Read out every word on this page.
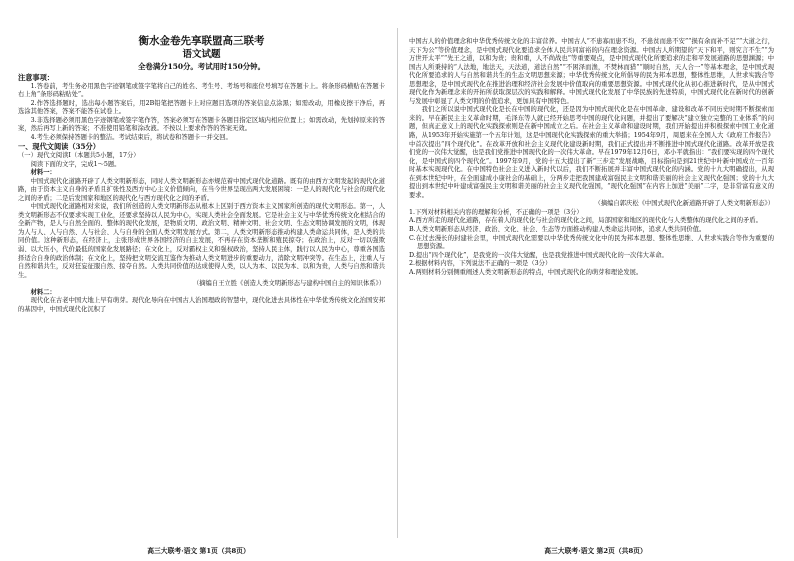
衡水金卷先享联盟高三联考

语文试题

全卷满分150分。考试用时150分钟。

注意事项：

1.答卷前，考生务必用黑色字迹钢笔或签字笔将自己的姓名、考生号、考场号和座位号填写在答题卡上。将条形码横贴在答题卡右上角“条形码粘贴处”。

2.作答选择题时，选出每小题答案后，用2B铅笔把答题卡上对应题目选项的答案信息点涂黑；如需改动，用橡皮擦干净后，再选涂其他答案，答案不能答在试卷上。

3.非选择题必须用黑色字迹钢笔或签字笔作答，答案必须写在答题卡各题目指定区域内相应位置上；如需改动，先划掉原来的答案，然后再写上新的答案；不准使用铅笔和涂改液。不按以上要求作答的答案无效。

4.考生必须保持答题卡的整洁。考试结束后，将试卷和答题卡一并交回。

一、现代文阅读（35分）

（一）现代文阅读Ⅰ（本题共5小题，17分）

阅读下面的文字，完成1～5题。

材料一：

中国式现代化道路开辟了人类文明新形态，同时人类文明新形态亦规范着中国式现代化道路。既有的由西方文明发起的现代化道路，由于资本主义自身的矛盾且扩张性及西方中心主义价值倾向，在当今世界呈现出两大发展困境：一是人的现代化与社会的现代化之间的矛盾；二是后发国家和地区的现代化与西方现代化之间的矛盾。

中国式现代化道路相对来说，我们所创造的人类文明新形态从根本上区别于西方资本主义国家所创造的现代文明形态。第一，人类文明新形态不仅要求实现工业化，还要求坚持以人民为中心，实现人类社会全面发展。它是社会主义与中华优秀传统文化相结合的全新产物，是人与自然全面的、整体的现代化发展，是物质文明、政治文明、精神文明、社会文明、生态文明协调发展的文明，体现为人与人、人与自然、人与社会、人与自身的全面人类文明发展方式。第二，人类文明新形态推动构建人类命运共同体，是人类的共同价值。这种新形态，在经济上，主张形成世界各国经济的自主发展，不再存在资本垄断和殖民掠夺；在政治上，反对一切以强欺弱、以大压小，代价最低的国家化发展路径；在文化上，反对霸权主义和强权政治，坚持人民主体，践行以人民为中心，尊重各国选择适合自身的政治体制；在文化上，坚持把文明交流互鉴作为推动人类文明进步的重要动力，消除文明冲突等。在生态上，注重人与自然和谐共生，反对狂妄征服自然、掠夺自然。人类共同价值的达成使得人类，以人为本、以民为本、以和为贵，人类与自然和谐共生。

（摘编自王立胜《创造人类文明新形态与建构中国自主的知识体系》）

材料二：

现代化在古老中国大地上早有萌芽。现代化导向在中国古人治国理政的智慧中，现代化进去具体性在中华优秀传统文化治国安邦的基因中，中国式现代化沉积了

高三大联考·语文 第1页（共8页）

中国古人的价值理念和中华优秀传统文化的丰富营养。中国古人“不患寡而患不均，不患贫而患不安”“损有余而补不足”“大道之行，天下为公”等价值理念，是中国式现代化要追求全体人民共同富裕的内在理念资源。中国古人所期望的“天下和平，则究言不生”“为万世开太平”“先王之道，以和为贵；贵和重，人不尚战也”等重要观点，是中国式现代化所要追求的走和平发展道路的思想渊源；中国古人所秉持的“人法地，地法天，天法道，道法自然”“不困泽而渔，不焚林而猎”“顺时自然，天人合一”等基本理念，是中国式现代化所要追求的人与自然和谐共生的生态文明思想来源；中华优秀传统文化所倡导的民为邦本思想，整体性思维，人世求实践合等思想理念，是中国式现代化在推进治理和经济社会发展中价值取向的重要思想资源。中国式现代化从初心推进新时代，是从中国式现代化作为新理念来的开拓所获取深层次的实践和解释。中国式现代化发展了中华民族的先进特质，中国式现代化在新时代的创新与发展中彰显了人类文明的价值追求，更加具有中国特色。

我们之所以说中国式现代化是长在中国的现代化，还是因为中国式现代化是在中国革命、建设和改革不同历史时期不断探索而来的。早在新民主主义革命时期，毛泽东等人就已经开始思考中国的现代化问题，并提出了要解决“建立独立完整的工业体系”的问题，但真正意义上的现代化实践探索则是在新中国成立之后。在社会主义革命和建设时期，我们开始提出并积极探索中国工业化道路，从1953年开始实施第一个五年计划，这是中国现代化实践探索的重大举措；1954年9月，周恩来在全国人大《政府工作报告》中首次提出“四个现代化”。在改革开放和社会主义现代化建设新时期，我们正式提出并不断推进中国式现代化道路。改革开放是我们党的一次伟大觉醒，也是我们党推进中国现代化的一次伟大革命。早在1979年12月6日，邓小平就指出：“我们要实现的四个现代化，是中国式的四个现代化”。1997年9月，党的十五大提出了新“三步走”发展战略，目标指向是到21世纪中叶新中国成立一百年时基本实现现代化。在中国特色社会主义进入新时代以后，我们不断拓展并丰富中国式现代化的内涵。党的十九大明确提出，从现在到本世纪中叶，在全面建成小康社会的基础上，分两步走把我国建成富强民主文明和谐美丽的社会主义现代化强国；党的十九大提出到本世纪中叶建成富强民主文明和谐美丽的社会主义现代化强国，“现代化强国”在内容上加进“美丽”二字，是非常富有意义的要求。

（摘编自郭庆松《中国式现代化新道路开辟了人类文明新形态》）

1.下列对材料相关内容的理解和分析，不正确的一项是（3分）

A.西方所走的现代化道路，存在着人的现代化与社会的现代化之间，局部国家和地区的现代化与人类整体的现代化之间的矛盾。

B.人类文明新形态从经济、政治、文化、社会、生态等方面推动构建人类命运共同体，追求人类共同价值。

C.在过去漫长的封建社会里，中国式现代化需要以中华优秀传统文化中的民为邦本思想、整体性思维、人世求实践合等作为重要的思想资源。

D.提出“四个现代化”，是我党的一次伟大觉醒，也是我党推进中国式现代化的一次伟大革命。

2.根据材料内容，下列说法不正确的一项是（3分）

A.两则材料分别侧重阐述人类文明新形态的特点，中国式现代化的萌芽和理论发展。

高三大联考·语文 第2页（共8页）
